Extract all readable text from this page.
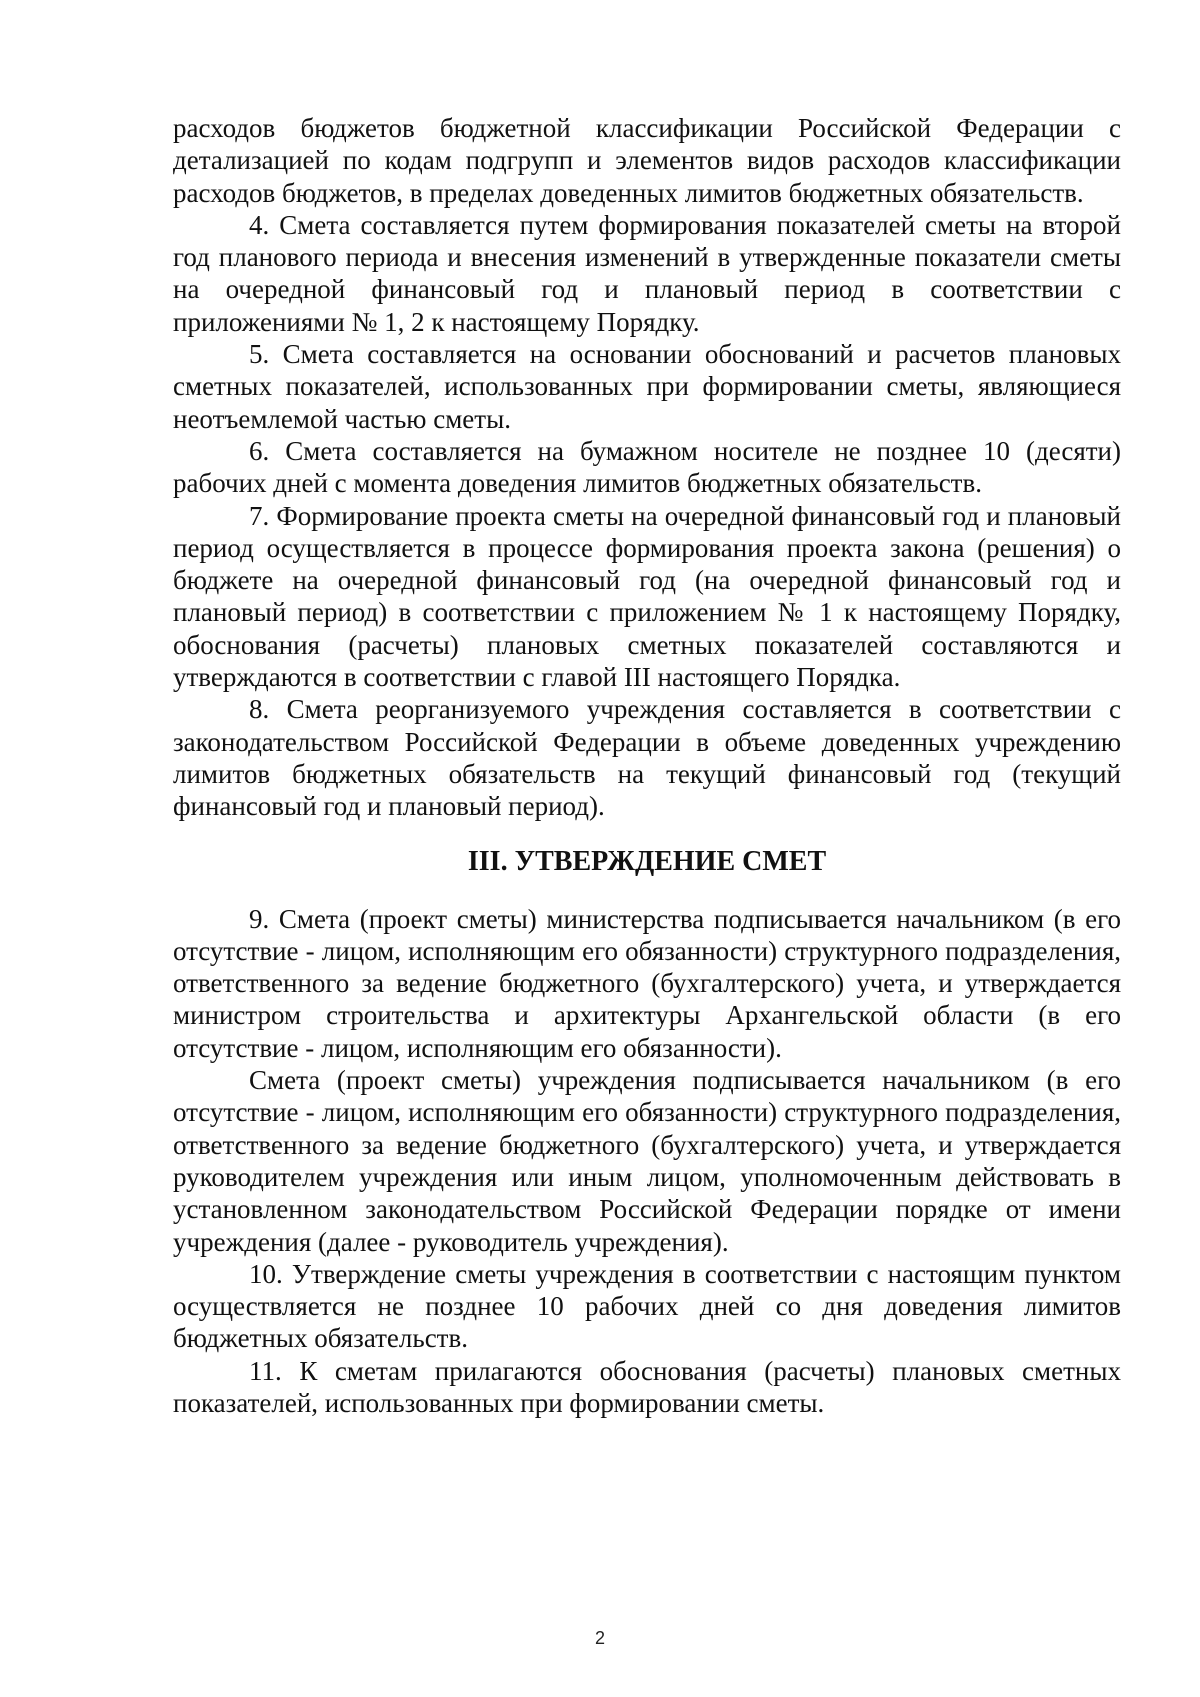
расходов бюджетов бюджетной классификации Российской Федерации с детализацией по кодам подгрупп и элементов видов расходов классификации расходов бюджетов, в пределах доведенных лимитов бюджетных обязательств.

4. Смета составляется путем формирования показателей сметы на второй год планового периода и внесения изменений в утвержденные показатели сметы на очередной финансовый год и плановый период в соответствии с приложениями № 1, 2 к настоящему Порядку.

5. Смета составляется на основании обоснований и расчетов плановых сметных показателей, использованных при формировании сметы, являющиеся неотъемлемой частью сметы.

6. Смета составляется на бумажном носителе не позднее 10 (десяти) рабочих дней с момента доведения лимитов бюджетных обязательств.

7. Формирование проекта сметы на очередной финансовый год и плановый период осуществляется в процессе формирования проекта закона (решения) о бюджете на очередной финансовый год (на очередной финансовый год и плановый период) в соответствии с приложением № 1 к настоящему Порядку, обоснования (расчеты) плановых сметных показателей составляются и утверждаются в соответствии с главой III настоящего Порядка.

8. Смета реорганизуемого учреждения составляется в соответствии с законодательством Российской Федерации в объеме доведенных учреждению лимитов бюджетных обязательств на текущий финансовый год (текущий финансовый год и плановый период).

III. УТВЕРЖДЕНИЕ СМЕТ

9. Смета (проект сметы) министерства подписывается начальником (в его отсутствие - лицом, исполняющим его обязанности) структурного подразделения, ответственного за ведение бюджетного (бухгалтерского) учета, и утверждается министром строительства и архитектуры Архангельской области (в его отсутствие - лицом, исполняющим его обязанности).

Смета (проект сметы) учреждения подписывается начальником (в его отсутствие - лицом, исполняющим его обязанности) структурного подразделения, ответственного за ведение бюджетного (бухгалтерского) учета, и утверждается руководителем учреждения или иным лицом, уполномоченным действовать в установленном законодательством Российской Федерации порядке от имени учреждения (далее - руководитель учреждения).

10. Утверждение сметы учреждения в соответствии с настоящим пунктом осуществляется не позднее 10 рабочих дней со дня доведения лимитов бюджетных обязательств.

11. К сметам прилагаются обоснования (расчеты) плановых сметных показателей, использованных при формировании сметы.

2
